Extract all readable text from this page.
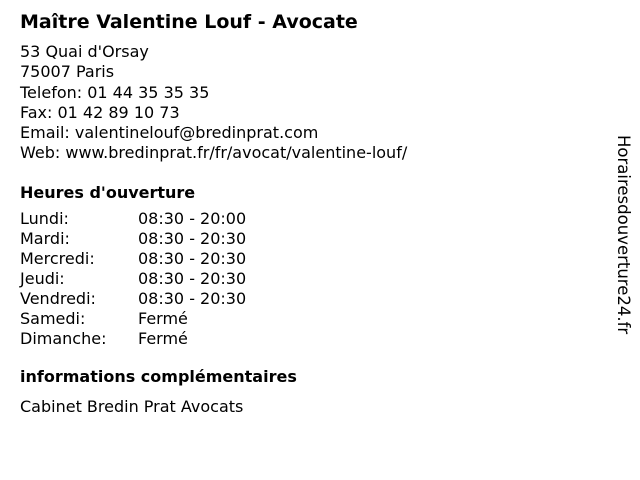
Maître Valentine Louf - Avocate
53 Quai d'Orsay
75007 Paris
Telefon: 01 44 35 35 35
Fax: 01 42 89 10 73
Email: valentinelouf@bredinprat.com
Web: www.bredinprat.fr/fr/avocat/valentine-louf/
Heures d'ouverture
Lundi:	08:30 - 20:00
Mardi:	08:30 - 20:30
Mercredi:	08:30 - 20:30
Jeudi:	08:30 - 20:30
Vendredi:	08:30 - 20:30
Samedi:	Fermé
Dimanche:	Fermé
informations complémentaires
Cabinet Bredin Prat Avocats
Horairesdouverture24.fr
